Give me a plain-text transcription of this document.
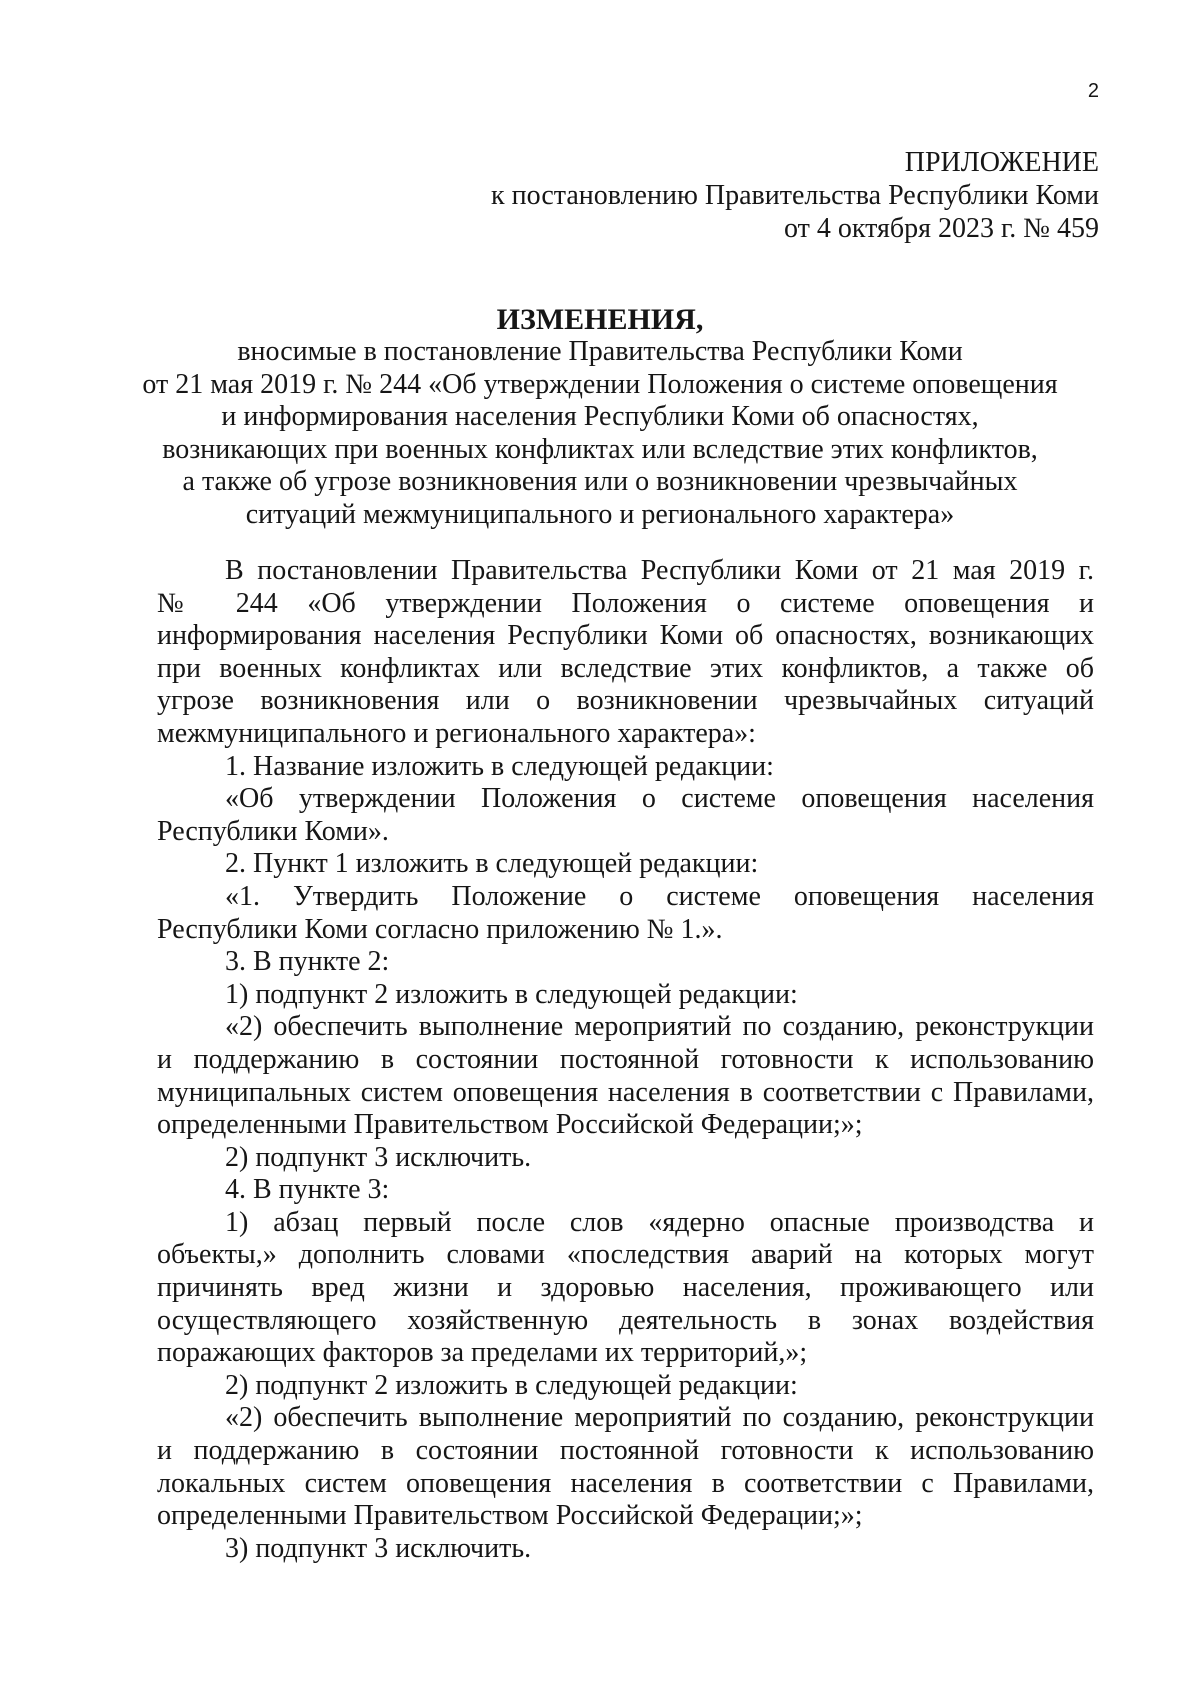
2
ПРИЛОЖЕНИЕ
к постановлению Правительства Республики Коми
от 4 октября 2023 г. № 459
ИЗМЕНЕНИЯ,
вносимые в постановление Правительства Республики Коми
от 21 мая 2019 г. № 244 «Об утверждении Положения о системе оповещения
и информирования населения Республики Коми об опасностях,
возникающих при военных конфликтах или вследствие этих конфликтов,
а также об угрозе возникновения или о возникновении чрезвычайных
ситуаций межмуниципального и регионального характера»
В постановлении Правительства Республики Коми от 21 мая 2019 г.
№ 244 «Об утверждении Положения о системе оповещения и
информирования населения Республики Коми об опасностях, возникающих
при военных конфликтах или вследствие этих конфликтов, а также об
угрозе возникновения или о возникновении чрезвычайных ситуаций
межмуниципального и регионального характера»:
1. Название изложить в следующей редакции:
«Об утверждении Положения о системе оповещения населения
Республики Коми».
2. Пункт 1 изложить в следующей редакции:
«1. Утвердить Положение о системе оповещения населения
Республики Коми согласно приложению № 1.».
3. В пункте 2:
1) подпункт 2 изложить в следующей редакции:
«2) обеспечить выполнение мероприятий по созданию, реконструкции
и поддержанию в состоянии постоянной готовности к использованию
муниципальных систем оповещения населения в соответствии с Правилами,
определенными Правительством Российской Федерации;»;
2) подпункт 3 исключить.
4. В пункте 3:
1) абзац первый после слов «ядерно опасные производства и
объекты,» дополнить словами «последствия аварий на которых могут
причинять вред жизни и здоровью населения, проживающего или
осуществляющего хозяйственную деятельность в зонах воздействия
поражающих факторов за пределами их территорий,»;
2) подпункт 2 изложить в следующей редакции:
«2) обеспечить выполнение мероприятий по созданию, реконструкции
и поддержанию в состоянии постоянной готовности к использованию
локальных систем оповещения населения в соответствии с Правилами,
определенными Правительством Российской Федерации;»;
3) подпункт 3 исключить.
